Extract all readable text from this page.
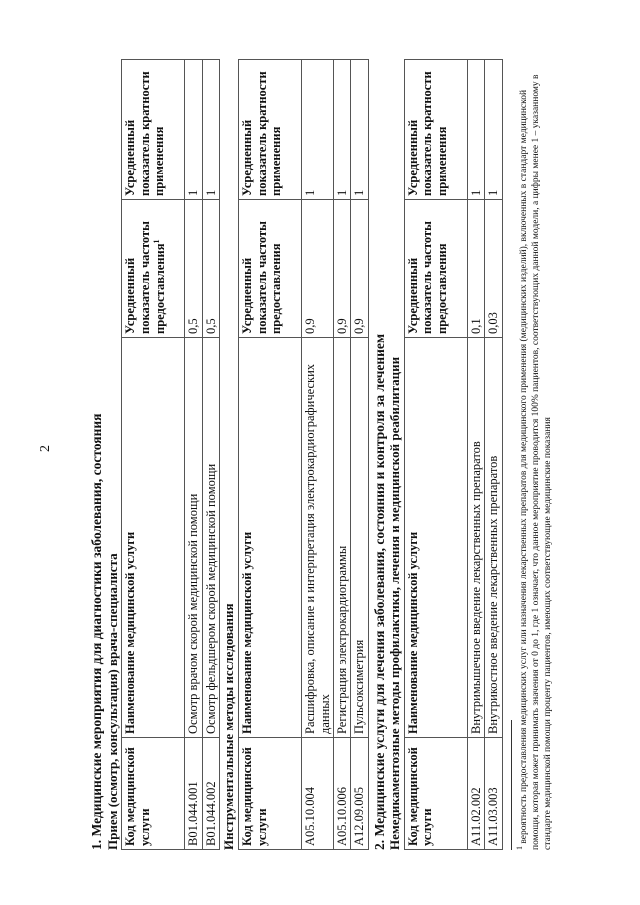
2	1. Медицинские мероприятия для диагностики заболевания, состояния Прием (осмотр, консультация) врача-специалиста Код медицинской услуги	Наименование медицинской услуги	Усредненный показатель частоты предоставления$^1$	Усредненный показатель кратности применения
B01.044.001	Осмотр врачом скорой медицинской помощи	0,5	1
B01.044.002	Осмотр фельдшером скорой медицинской помощи	0,5	1

Инструментальные методы исследования Код медицинской услуги	Наименование медицинской услуги	Усредненный показатель частоты предоставления	Усредненный показатель кратности применения
A05.10.004	Расшифровка, описание и интерпретация электрокардиографических данных	0,9	1
A05.10.006	Регистрация электрокардиограммы	0,9	1
A12.09.005	Пульсоксиметрия	0,9	1

2. Медицинские услуги для лечения заболевания, состояния и контроля за лечением Немедикаментозные методы профилактики, лечения и медицинской реабилитации Код медицинской услуги	Наименование медицинской услуги	Усредненный показатель частоты предоставления	Усредненный показатель кратности применения
A11.02.002	Внутримышечное введение лекарственных препаратов	0,1	1
A11.03.003	Внутрикостное введение лекарственных препаратов	0,03	1

$^1$ вероятность предоставления медицинских услуг или назначения лекарственных препаратов для медицинского применения (медицинских изделий), включенных в стандарт медицинской помощи, которая может принимать значения от 0 до 1, где 1 означает, что данное мероприятие проводится 100% пациентов, соответствующих данной модели, а цифры менее 1 – указанному в стандарте медицинской помощи проценту пациентов, имеющих соответствующие медицинские показания
